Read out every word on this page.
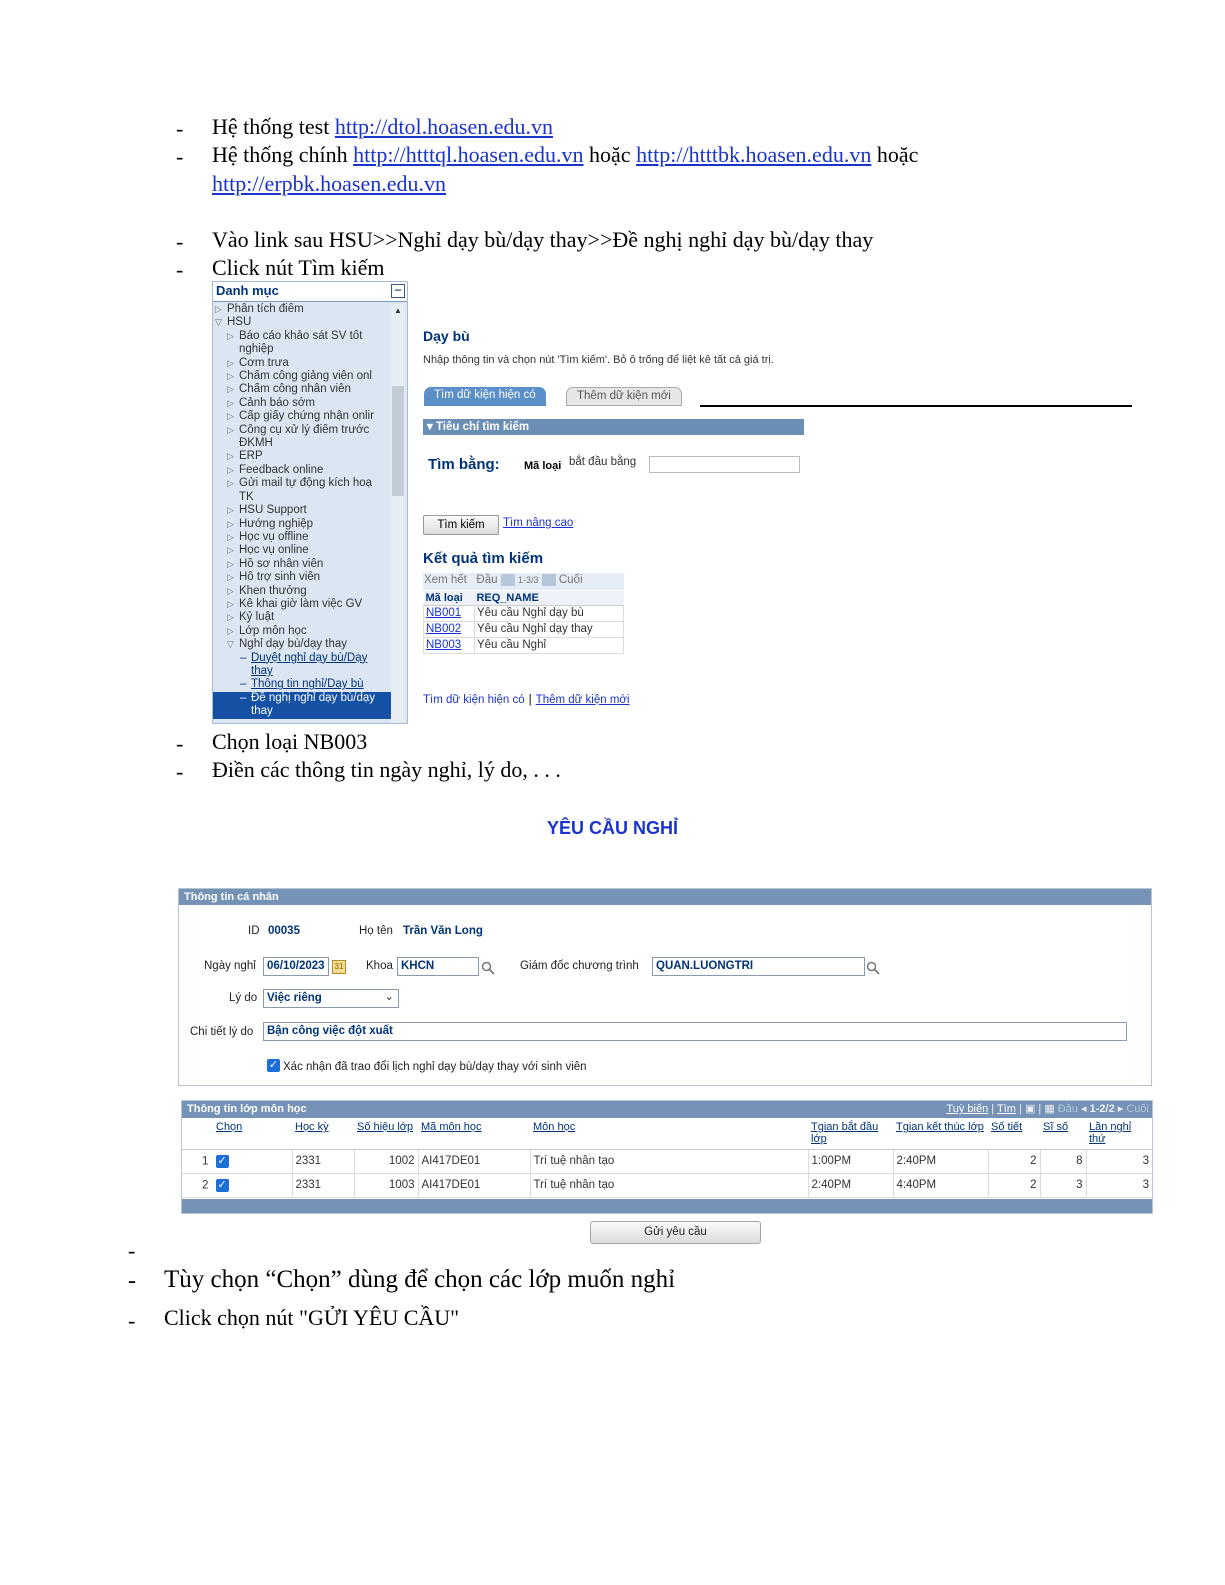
- Hệ thống test http://dtol.hoasen.edu.vn
- Hệ thống chính http://htttql.hoasen.edu.vn hoặc http://htttbk.hoasen.edu.vn hoặc
http://erpbk.hoasen.edu.vn
- Vào link sau HSU>>Nghỉ dạy bù/dạy thay>>Đề nghị nghỉ dạy bù/dạy thay
- Click nút Tìm kiếm
Danh mục	−
▷ Phân tích điểm
▽ HSU
▷ Báo cáo khảo sát SV tốt
nghiệp
▷ Cơm trưa
▷ Chấm công giảng viên onl
▷ Chấm công nhân viên
▷ Cảnh báo sớm
▷ Cấp giấy chứng nhận onlir
▷ Công cụ xử lý điểm trước
ĐKMH
▷ ERP
▷ Feedback online
▷ Gửi mail tự động kích hoạ
TK
▷ HSU Support
▷ Hướng nghiệp
▷ Học vụ offline
▷ Học vụ online
▷ Hồ sơ nhân viên
▷ Hỗ trợ sinh viên
▷ Khen thưởng
▷ Kê khai giờ làm việc GV
▷ Kỷ luật
▷ Lớp môn học
▽ Nghỉ dạy bù/dạy thay
– Duyệt nghỉ dạy bù/Dạy
thay
– Thông tin nghỉ/Dạy bù
– Đề nghị nghỉ dạy bù/dạy
thay
▲
Dạy bù
Nhập thông tin và chọn nút 'Tìm kiếm'. Bỏ ô trống để liệt kê tất cả giá trị.
Tìm dữ kiện hiện có	Thêm dữ kiện mới
▾ Tiêu chí tìm kiếm
Tìm bằng: Mã loại bắt đầu bằng
Tìm kiếm	Tìm nâng cao
Kết quả tìm kiếm
Xem hết Đầu 1-3/3 Cuối
Mã loại	REQ_NAME
NB001	Yêu cầu Nghỉ dạy bù
NB002	Yêu cầu Nghỉ dạy thay
NB003	Yêu cầu Nghỉ
Tìm dữ kiện hiện có | Thêm dữ kiện mới
- Chọn loại NB003
- Điền các thông tin ngày nghỉ, lý do, . . .
YÊU CẦU NGHỈ
Thông tin cá nhân
ID 00035	Họ tên Trần Văn Long
Ngày nghỉ 06/10/2023	31 Khoa KHCN	Giám đốc chương trình	QUAN.LUONGTRI
Lý do Việc riêng	⌄
Chi tiết lý do	Bận công việc đột xuất
✓ Xác nhận đã trao đổi lịch nghỉ dạy bù/dạy thay với sinh viên
Thông tin lớp môn học	Tuỳ biến | Tìm | ▣ | ▦ Đầu ◂ 1-2/2 ▸ Cuối
Chọn	Học kỳ	Số hiệu lớp	Mã môn học	Môn học	Tgian bắt đầu lớp	Tgian kết thúc lớp	Số tiết	Sĩ số	Lần nghỉ thứ
1 ✓	2331	1002	AI417DE01	Trí tuệ nhân tạo	1:00PM	2:40PM	2	8	3
2 ✓	2331	1003	AI417DE01	Trí tuệ nhân tạo	2:40PM	4:40PM	2	3	3
Gửi yêu cầu
-
- Tùy chọn “Chọn” dùng để chọn các lớp muốn nghỉ
- Click chọn nút "GỬI YÊU CẦU"
